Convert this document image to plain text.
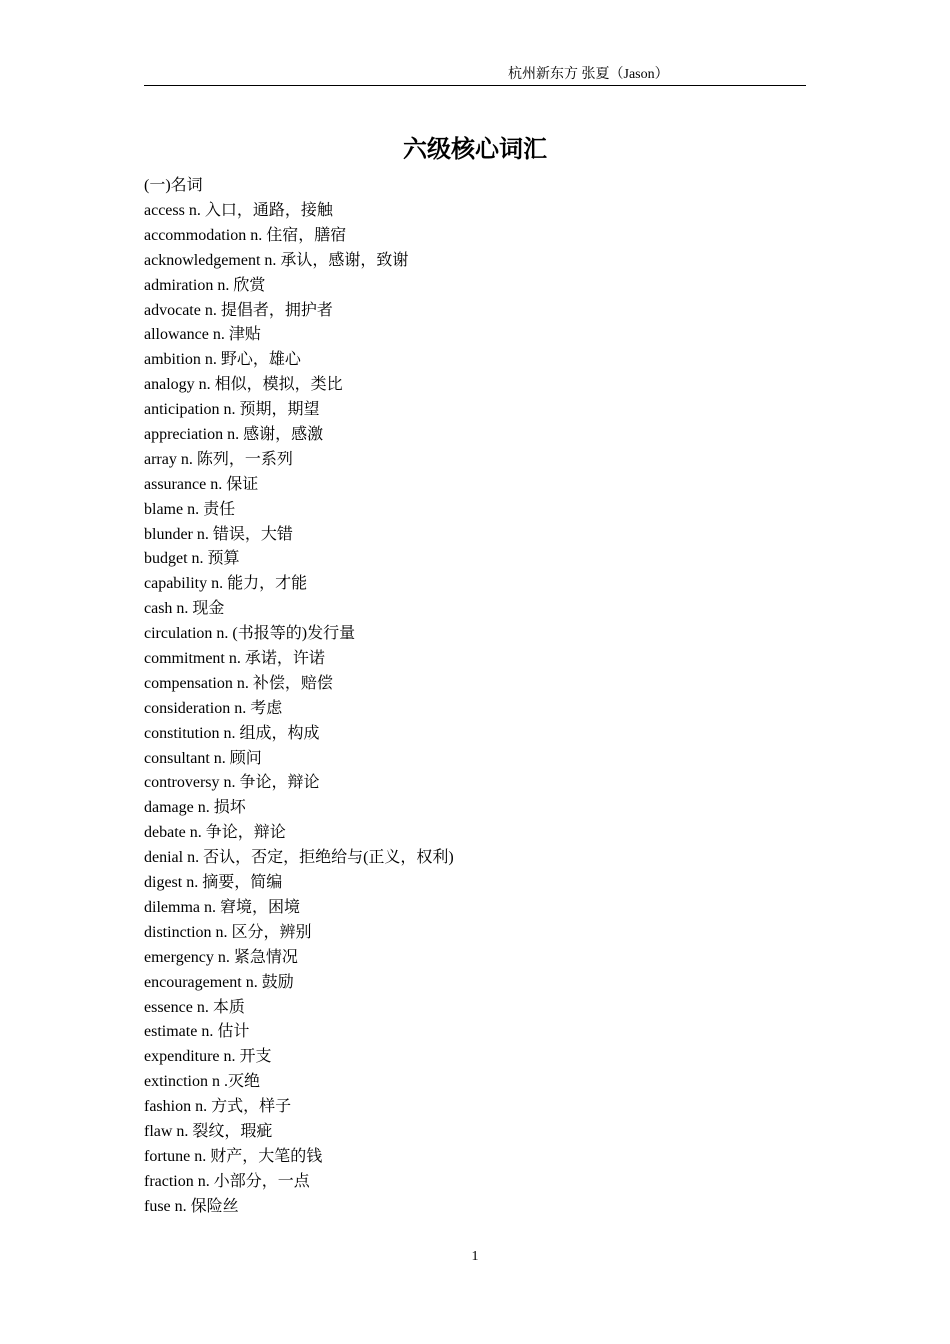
杭州新东方 张夏（Jason）
六级核心词汇
(一)名词
access n. 入口，通路，接触
accommodation n. 住宿，膳宿
acknowledgement n. 承认，感谢，致谢
admiration n. 欣赏
advocate n. 提倡者，拥护者
allowance n. 津贴
ambition n. 野心，雄心
analogy n. 相似，模拟，类比
anticipation n. 预期，期望
appreciation n. 感谢，感激
array n. 陈列，一系列
assurance n. 保证
blame n. 责任
blunder n. 错误，大错
budget n. 预算
capability n. 能力，才能
cash n. 现金
circulation n. (书报等的)发行量
commitment n. 承诺，许诺
compensation n. 补偿，赔偿
consideration n. 考虑
constitution n. 组成，构成
consultant n. 顾问
controversy n. 争论，辩论
damage n. 损坏
debate n. 争论，辩论
denial n. 否认，否定，拒绝给与(正义，权利)
digest n. 摘要，简编
dilemma n. 窘境，困境
distinction n. 区分，辨别
emergency n. 紧急情况
encouragement n. 鼓励
essence n. 本质
estimate n. 估计
expenditure n. 开支
extinction n .灭绝
fashion n. 方式，样子
flaw n. 裂纹，瑕疵
fortune n. 财产，大笔的钱
fraction n. 小部分，一点
fuse n. 保险丝
1
